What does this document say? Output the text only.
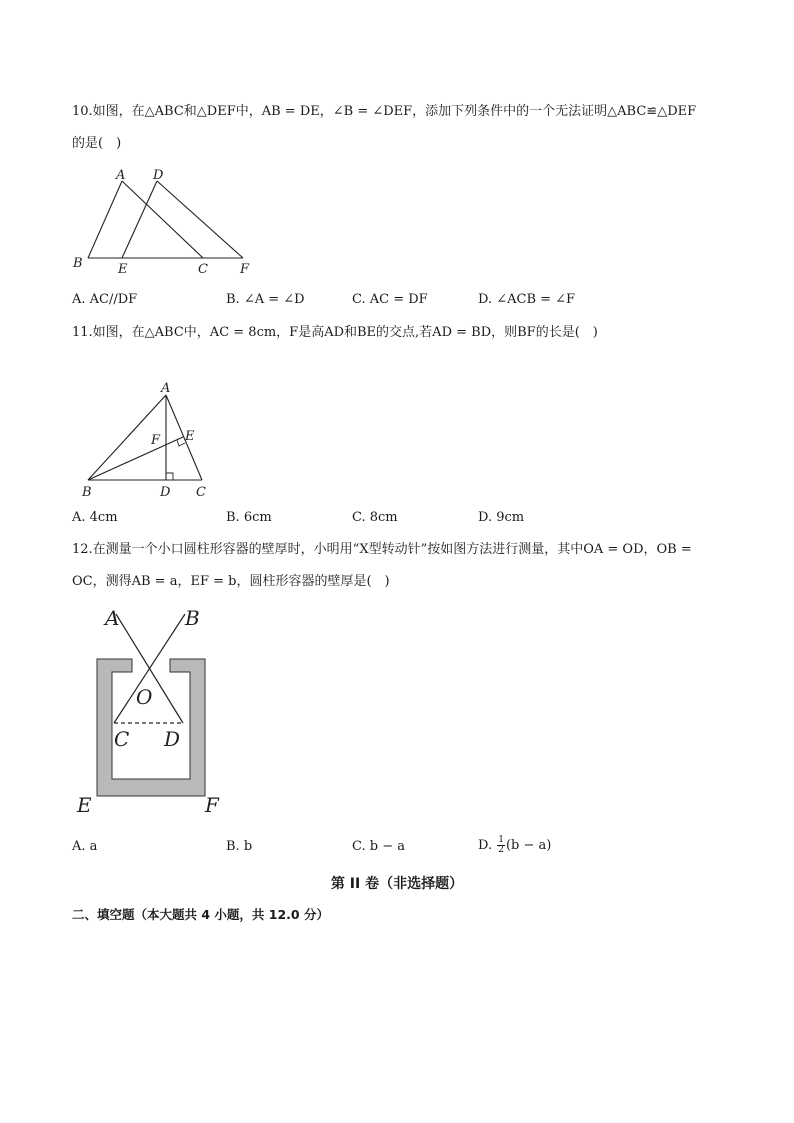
10.如图，在△ABC和△DEF中，AB = DE，∠B = ∠DEF，添加下列条件中的一个无法证明△ABC≌△DEF
的是(　)
A D
B	E	C F
A. AC//DF	B. ∠A = ∠D	C. AC = DF	D. ∠ACB = ∠F
11.如图，在△ABC中，AC = 8cm，F是高AD和BE的交点,若AD = BD，则BF的长是(　)
A
F E
B	D C
A. 4cm	B. 6cm	C. 8cm	D. 9cm
12.在测量一个小口圆柱形容器的壁厚时，小明用“X型转动针”按如图方法进行测量，其中OA = OD，OB =
OC，测得AB = a，EF = b，圆柱形容器的壁厚是(　)
A	B
O
C D
E	F
A. a	B. b	C. b − a	D. $\frac{1}{2} (b - a)$
第 II 卷（非选择题）
二、填空题（本大题共 4 小题，共 12.0 分）
